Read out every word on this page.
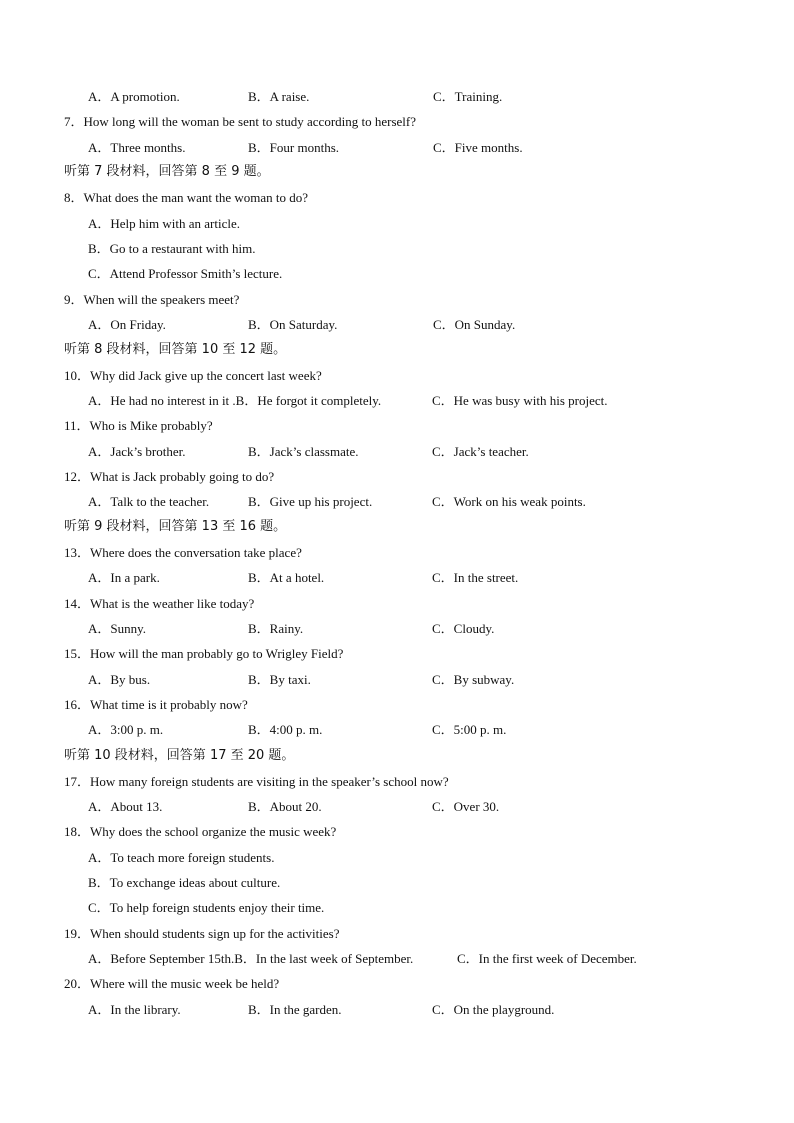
A．A promotion.	B．A raise.	C．Training.
7．How long will the woman be sent to study according to herself?
A．Three months.	B．Four months.	C．Five months.
听第 7 段材料，回答第 8 至 9 题。
8．What does the man want the woman to do?
A．Help him with an article.
B．Go to a restaurant with him.
C．Attend Professor Smith’s lecture.
9．When will the speakers meet?
A．On Friday.	B．On Saturday.	C．On Sunday.
听第 8 段材料，回答第 10 至 12 题。
10．Why did Jack give up the concert last week?
A．He had no interest in it .B．He forgot it completely.	C．He was busy with his project.
11．Who is Mike probably?
A．Jack’s brother.	B．Jack’s classmate.	C．Jack’s teacher.
12．What is Jack probably going to do?
A．Talk to the teacher.	B．Give up his project.	C．Work on his weak points.
听第 9 段材料，回答第 13 至 16 题。
13．Where does the conversation take place?
A．In a park.	B．At a hotel.	C．In the street.
14．What is the weather like today?
A．Sunny.	B．Rainy.	C．Cloudy.
15．How will the man probably go to Wrigley Field?
A．By bus.	B．By taxi.	C．By subway.
16．What time is it probably now?
A．3:00 p. m.	B．4:00 p. m.	C．5:00 p. m.
听第 10 段材料，回答第 17 至 20 题。
17．How many foreign students are visiting in the speaker’s school now?
A．About 13.	B．About 20.	C．Over 30.
18．Why does the school organize the music week?
A．To teach more foreign students.
B．To exchange ideas about culture.
C．To help foreign students enjoy their time.
19．When should students sign up for the activities?
A．Before September 15th.B．In the last week of September.	C．In the first week of December.
20．Where will the music week be held?
A．In the library.	B．In the garden.	C．On the playground.
